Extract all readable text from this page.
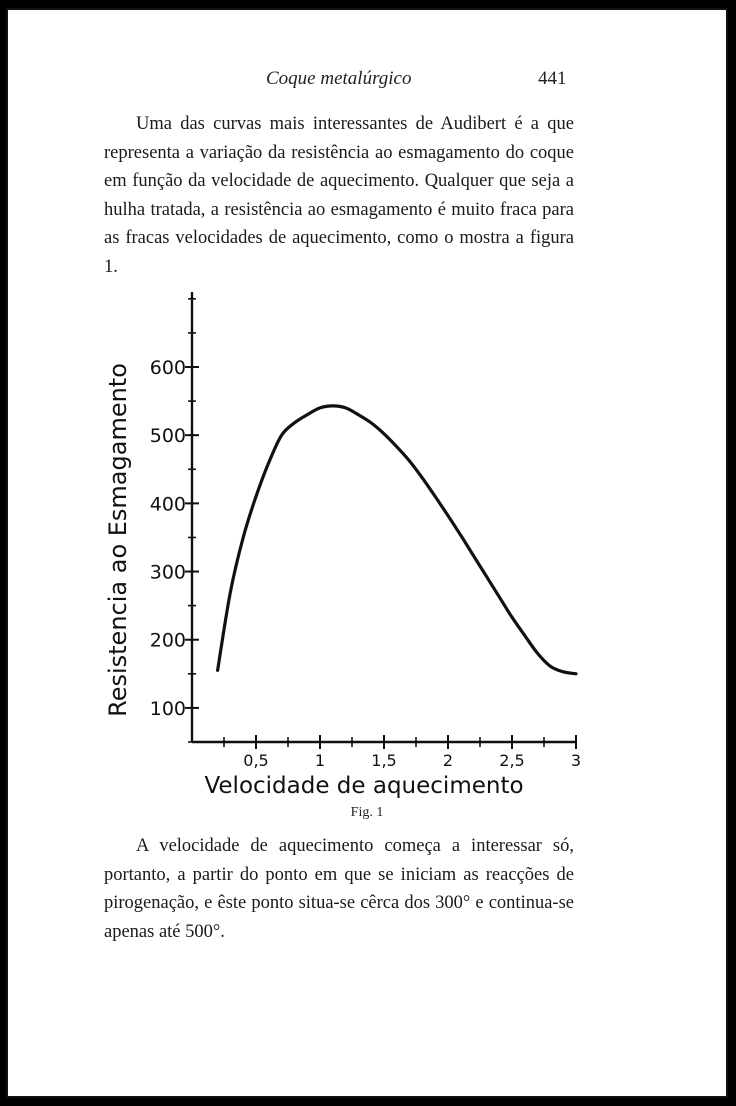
Coque metalúrgico	441

Uma das curvas mais interessantes de Audibert é a que representa a variação da resistência ao esmagamento do coque em função da velocidade de aquecimento. Qualquer que seja a hulha tratada, a resistência ao esmagamento é muito fraca para as fracas velocidades de aquecimento, como o mostra a figura 1.

100
200
300
400
500
600
0,5	1	1,5	2	2,5	3
Resistencia ao Esmagamento
Velocidade de aquecimento
Fig. 1

A velocidade de aquecimento começa a interessar só, portanto, a partir do ponto em que se iniciam as reacções de pirogenação, e êste ponto situa-se cêrca dos 300° e continua-se apenas até 500°.
